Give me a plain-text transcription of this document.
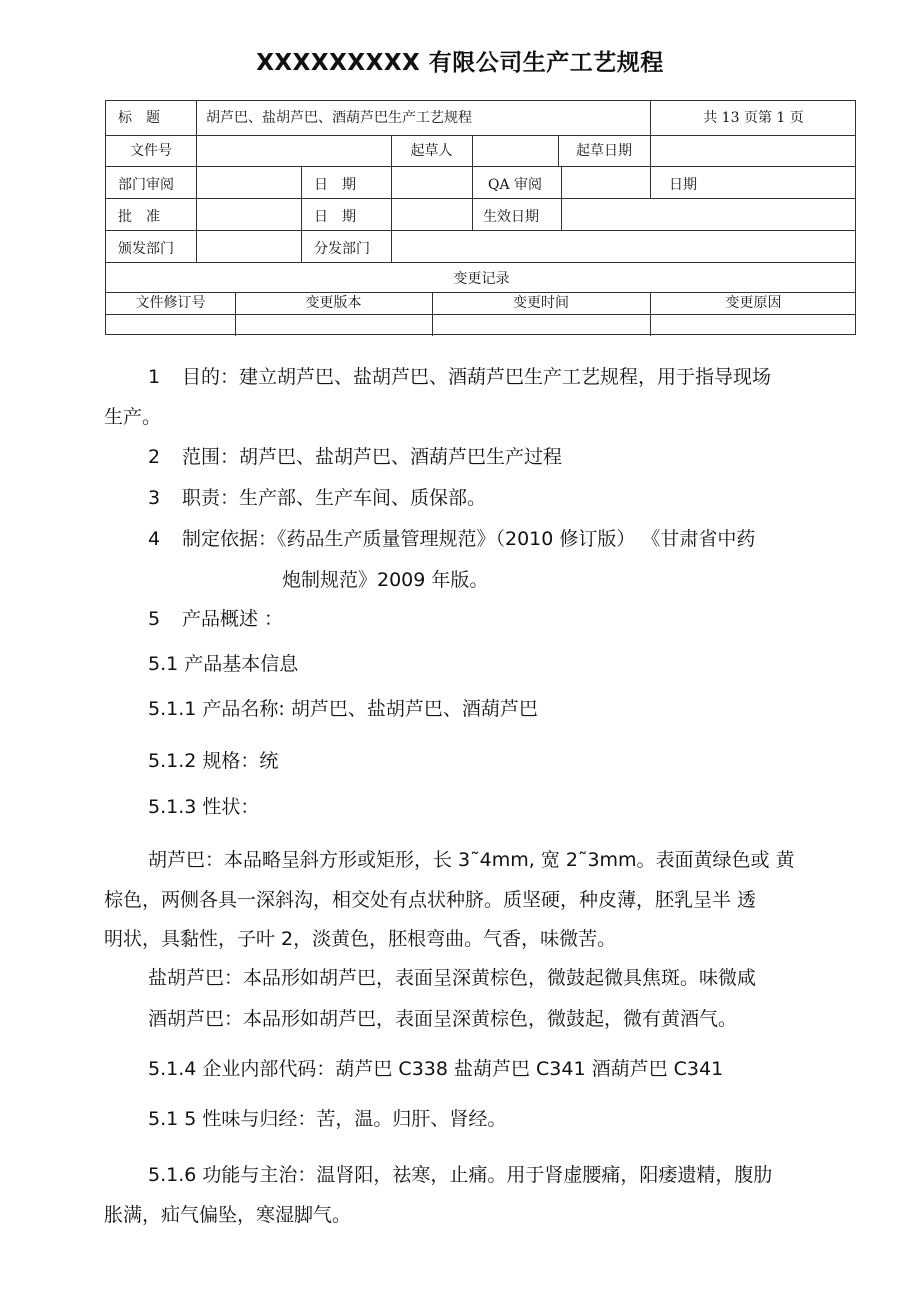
XXXXXXXXX 有限公司生产工艺规程
标　题	胡芦巴、盐胡芦巴、酒葫芦巴生产工艺规程	共 13 页第 1 页
文件号	起草人	起草日期
部门审阅	日　期	QA 审阅	日期
批　准	日　期	生效日期
颁发部门	分发部门
变更记录
文件修订号	变更版本	变更时间	变更原因
1 目的：建立胡芦巴、盐胡芦巴、酒葫芦巴生产工艺规程，用于指导现场
生产。
2 范围：胡芦巴、盐胡芦巴、酒葫芦巴生产过程
3 职责：生产部、生产车间、质保部。
4 制定依据：《药品生产质量管理规范》（2010 修订版） 《甘肃省中药
炮制规范》2009 年版。
5 产品概述 ：
5.1 产品基本信息
5.1.1 产品名称: 胡芦巴、盐胡芦巴、酒葫芦巴
5.1.2 规格：统
5.1.3 性状：
胡芦巴：本品略呈斜方形或矩形，长 3˜4mm, 宽 2˜3mm。表面黄绿色或 黄
棕色，两侧各具一深斜沟，相交处有点状种脐。质坚硬，种皮薄，胚乳呈半 透
明状，具黏性，子叶 2，淡黄色，胚根弯曲。气香，味微苦。
盐胡芦巴：本品形如胡芦巴，表面呈深黄棕色，微鼓起微具焦斑。味微咸
酒胡芦巴：本品形如胡芦巴，表面呈深黄棕色，微鼓起，微有黄酒气。
5.1.4 企业内部代码：葫芦巴 C338 盐葫芦巴 C341 酒葫芦巴 C341
5.1 5 性味与归经：苦，温。归肝、肾经。
5.1.6 功能与主治：温肾阳，祛寒，止痛。用于肾虚腰痛，阳痿遗精，腹肋
胀满，疝气偏坠，寒湿脚气。
